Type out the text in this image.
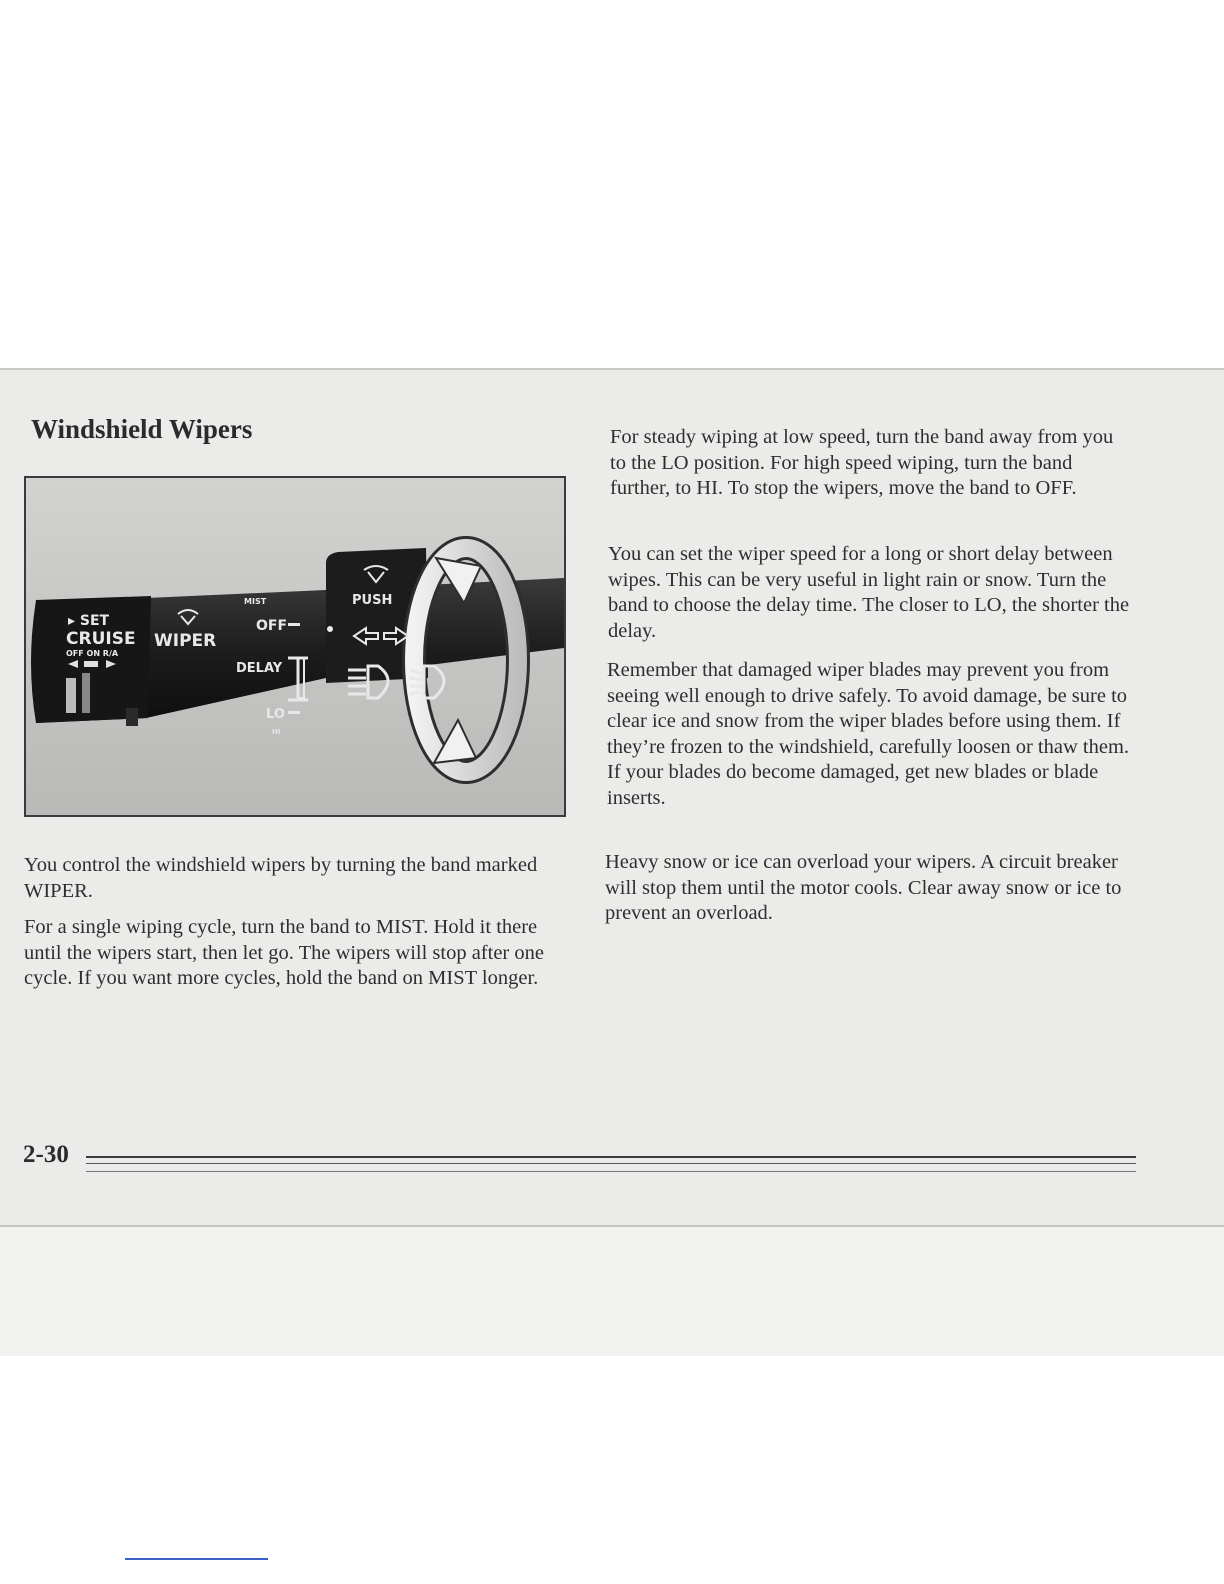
Windshield Wipers
▸ SET
CRUISE
OFF ON R/A
WIPER
MIST
OFF
DELAY
LO
HI
PUSH

You control the windshield wipers by turning the band marked WIPER.

For a single wiping cycle, turn the band to MIST. Hold it there until the wipers start, then let go. The wipers will stop after one cycle. If you want more cycles, hold the band on MIST longer.

For steady wiping at low speed, turn the band away from you to the LO position. For high speed wiping, turn the band further, to HI. To stop the wipers, move the band to OFF.

You can set the wiper speed for a long or short delay between wipes. This can be very useful in light rain or snow. Turn the band to choose the delay time. The closer to LO, the shorter the delay.

Remember that damaged wiper blades may prevent you from seeing well enough to drive safely. To avoid damage, be sure to clear ice and snow from the wiper blades before using them. If they’re frozen to the windshield, carefully loosen or thaw them. If your blades do become damaged, get new blades or blade inserts.

Heavy snow or ice can overload your wipers. A circuit breaker will stop them until the motor cools. Clear away snow or ice to prevent an overload.

2-30
